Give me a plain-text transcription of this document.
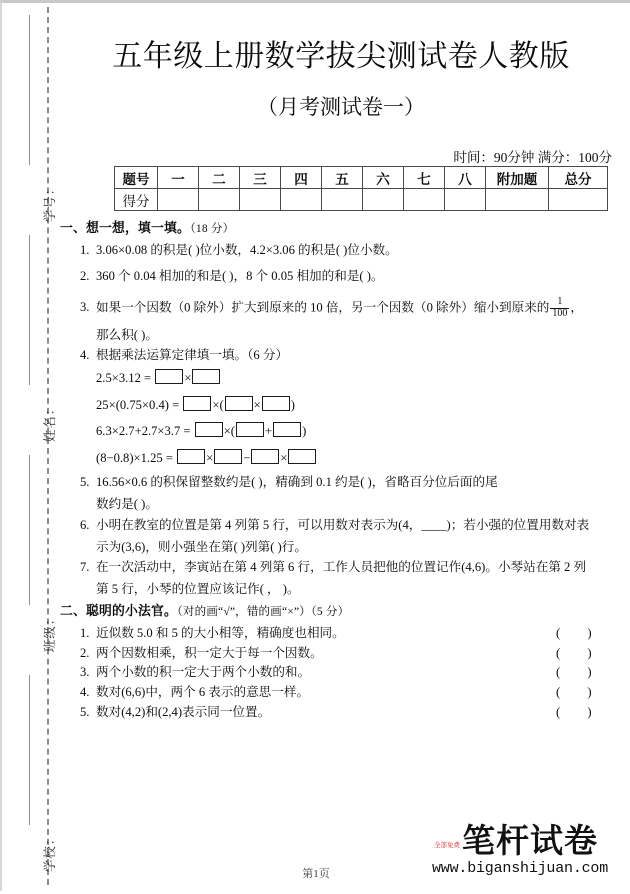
学号：
姓名：
班级：
学校：
五年级上册数学拔尖测试卷人教版
（月考测试卷一）
时间：90分钟 满分：100分
题号	一	二	三	四	五	六	七	八	附加题	总分
得分										
一、想一想，填一填。（18 分）
1. 3.06×0.08 的积是( )位小数，4.2×3.06 的积是( )位小数。
2. 360 个 0.04 相加的和是( )，8 个 0.05 相加的和是( )。
3. 如果一个因数（0 除外）扩大到原来的 10 倍，另一个因数（0 除外）缩小到原来的 $\frac{1}{100}$ ，
那么积( )。
4. 根据乘法运算定律填一填。（6 分）
2.5×3.12 =	×
25×(0.75×0.4) =	×( × )
6.3×2.7+2.7×3.7 =	×( + )
(8−0.8)×1.25 =	× − ×
5. 16.56×0.6 的积保留整数约是( )，精确到 0.1 约是( )，省略百分位后面的尾
数约是( )。
6. 小明在教室的位置是第 4 列第 5 行，可以用数对表示为(4，____)；若小强的位置用数对表
示为(3,6)，则小强坐在第( )列第( )行。
7. 在一次活动中，李寅站在第 4 列第 6 行，工作人员把他的位置记作(4,6)。小琴站在第 2 列
第 5 行，小琴的位置应该记作( ， )。
二、聪明的小法官。（对的画“√”，错的画“×”）（5 分）
1. 近似数 5.0 和 5 的大小相等，精确度也相同。	( )
2. 两个因数相乘，积一定大于每一个因数。	( )
3. 两个小数的积一定大于两个小数的和。	( )
4. 数对(6,6)中，两个 6 表示的意思一样。	( )
5. 数对(4,2)和(2,4)表示同一位置。	( )
第1页
笔杆试卷
全部免费
www.biganshijuan.com
